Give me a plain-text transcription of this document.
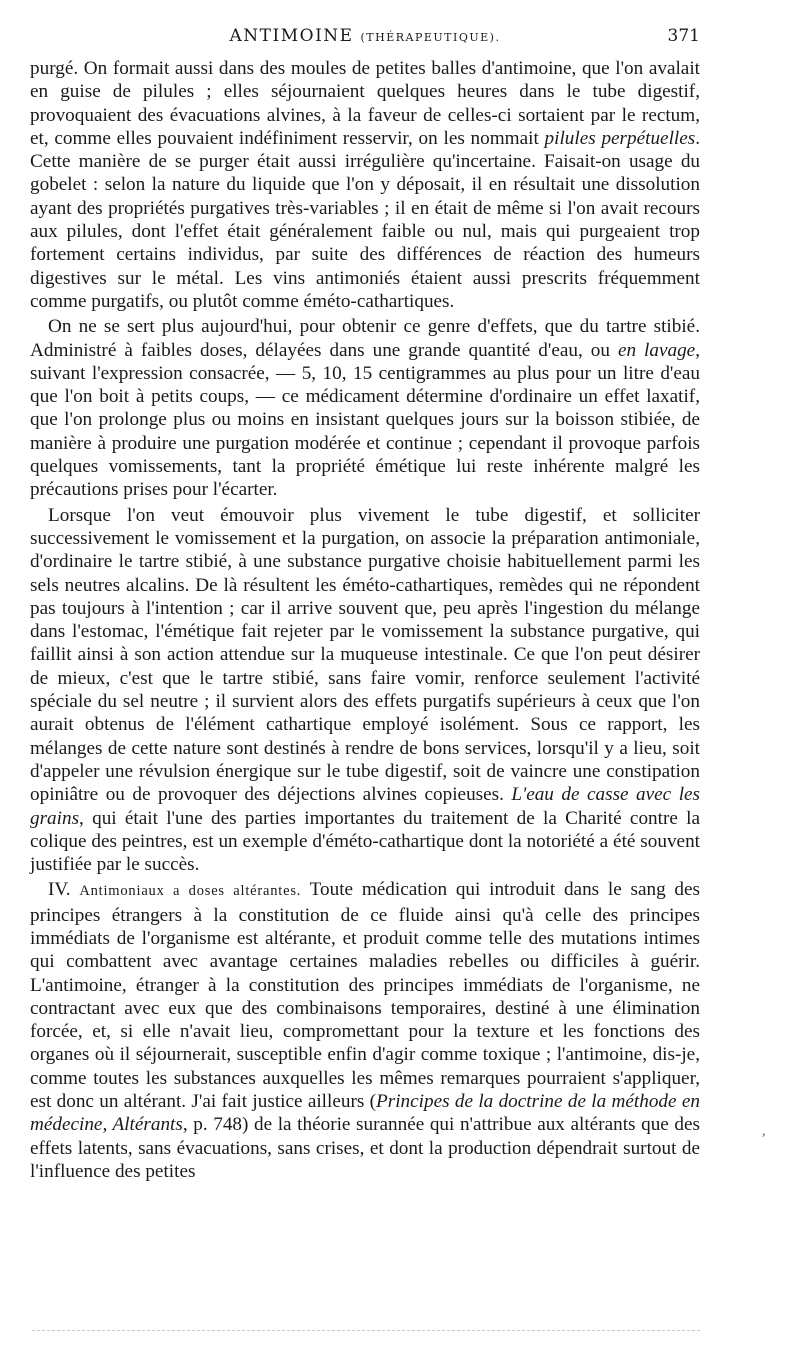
ANTIMOINE (THÉRAPEUTIQUE).	371

purgé. On formait aussi dans des moules de petites balles d'antimoine, que l'on avalait en guise de pilules ; elles séjournaient quelques heures dans le tube digestif, provoquaient des évacuations alvines, à la faveur de celles-ci sortaient par le rectum, et, comme elles pouvaient indéfiniment resservir, on les nommait pilules perpétuelles. Cette manière de se purger était aussi irrégulière qu'incertaine. Faisait-on usage du gobelet : selon la nature du liquide que l'on y déposait, il en résultait une dissolution ayant des propriétés purgatives très-variables ; il en était de même si l'on avait recours aux pilules, dont l'effet était généralement faible ou nul, mais qui purgeaient trop fortement certains individus, par suite des différences de réaction des humeurs digestives sur le métal. Les vins antimoniés étaient aussi prescrits fréquemment comme purgatifs, ou plutôt comme éméto-cathartiques.

On ne se sert plus aujourd'hui, pour obtenir ce genre d'effets, que du tartre stibié. Administré à faibles doses, délayées dans une grande quantité d'eau, ou en lavage, suivant l'expression consacrée, — 5, 10, 15 centigrammes au plus pour un litre d'eau que l'on boit à petits coups, — ce médicament détermine d'ordinaire un effet laxatif, que l'on prolonge plus ou moins en insistant quelques jours sur la boisson stibiée, de manière à produire une purgation modérée et continue ; cependant il provoque parfois quelques vomissements, tant la propriété émétique lui reste inhérente malgré les précautions prises pour l'écarter.

Lorsque l'on veut émouvoir plus vivement le tube digestif, et solliciter successivement le vomissement et la purgation, on associe la préparation antimoniale, d'ordinaire le tartre stibié, à une substance purgative choisie habituellement parmi les sels neutres alcalins. De là résultent les éméto-cathartiques, remèdes qui ne répondent pas toujours à l'intention ; car il arrive souvent que, peu après l'ingestion du mélange dans l'estomac, l'émétique fait rejeter par le vomissement la substance purgative, qui faillit ainsi à son action attendue sur la muqueuse intestinale. Ce que l'on peut désirer de mieux, c'est que le tartre stibié, sans faire vomir, renforce seulement l'activité spéciale du sel neutre ; il survient alors des effets purgatifs supérieurs à ceux que l'on aurait obtenus de l'élément cathartique employé isolément. Sous ce rapport, les mélanges de cette nature sont destinés à rendre de bons services, lorsqu'il y a lieu, soit d'appeler une révulsion énergique sur le tube digestif, soit de vaincre une constipation opiniâtre ou de provoquer des déjections alvines copieuses. L'eau de casse avec les grains, qui était l'une des parties importantes du traitement de la Charité contre la colique des peintres, est un exemple d'éméto-cathartique dont la notoriété a été souvent justifiée par le succès.

IV. Antimoniaux a doses altérantes. Toute médication qui introduit dans le sang des principes étrangers à la constitution de ce fluide ainsi qu'à celle des principes immédiats de l'organisme est altérante, et produit comme telle des mutations intimes qui combattent avec avantage certaines maladies rebelles ou difficiles à guérir. L'antimoine, étranger à la constitution des principes immédiats de l'organisme, ne contractant avec eux que des combinaisons temporaires, destiné à une élimination forcée, et, si elle n'avait lieu, compromettant pour la texture et les fonctions des organes où il séjournerait, susceptible enfin d'agir comme toxique ; l'antimoine, dis-je, comme toutes les substances auxquelles les mêmes remarques pourraient s'appliquer, est donc un altérant. J'ai fait justice ailleurs (Principes de la doctrine de la méthode en médecine, Altérants, p. 748) de la théorie surannée qui n'attribue aux altérants que des effets latents, sans évacuations, sans crises, et dont la production dépendrait surtout de l'influence des petites

,
